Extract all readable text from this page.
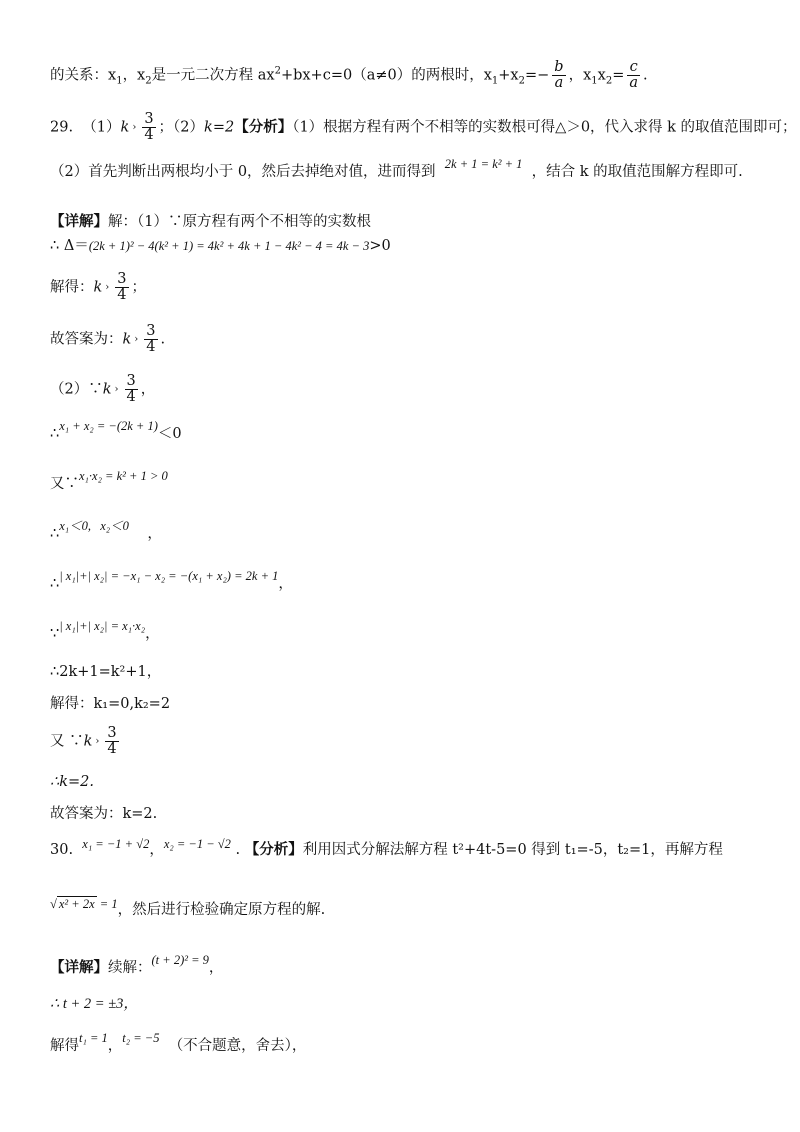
的关系：$x_1$，$x_2$是一元二次方程 $ax^2+bx+c=0(a\ne 0)$的两根时，$x_1+x_2=- \frac{b}{a}$ ，$x_1x_2= \frac{c}{a}$ .
29. （1）k › $\frac{3}{4}$ ；（2）k=2【分析】（1）根据方程有两个不相等的实数根可得△＞0，代入求得 k 的取值范围即可；
（2）首先判断出两根均小于 0，然后去掉绝对值，进而得到 2k + 1 = k² + 1 ，结合 k 的取值范围解方程即可.
【详解】解：（1）∵原方程有两个不相等的实数根
∴ Δ＝(2k + 1)² − 4(k² + 1) = 4k² + 4k + 1 − 4k² − 4 = 4k − 3>0
解得：k › $\frac{3}{4}$ ；
故答案为：k › $\frac{3}{4}$ .
（2）∵k › $\frac{3}{4}$ ，
∴x₁ + x₂ = −(2k + 1)＜0
又∵x₁·x₂ = k² + 1 > 0
∴x₁＜0, x₂＜0 ，
∴| x₁|+| x₂| = −x₁ − x₂ = −(x₁ + x₂) = 2k + 1，
∵| x₁|+| x₂| = x₁·x₂，
∴2k+1=k²+1，
解得：k₁=0,k₂=2
又 ∵k › $\frac{3}{4}$
∴k=2.
故答案为：k=2.
30. x₁ = −1 + √2，x₂ = −1 − √2 . 【分析】利用因式分解法解方程 t²+4t-5=0 得到 t₁=-5，t₂=1，再解方程
√ x² + 2x = 1，然后进行检验确定原方程的解.
【详解】续解：(t + 2)² = 9，
∴ t + 2 = ±3，
解得t₁ = 1，t₂ = −5 （不合题意，舍去），
